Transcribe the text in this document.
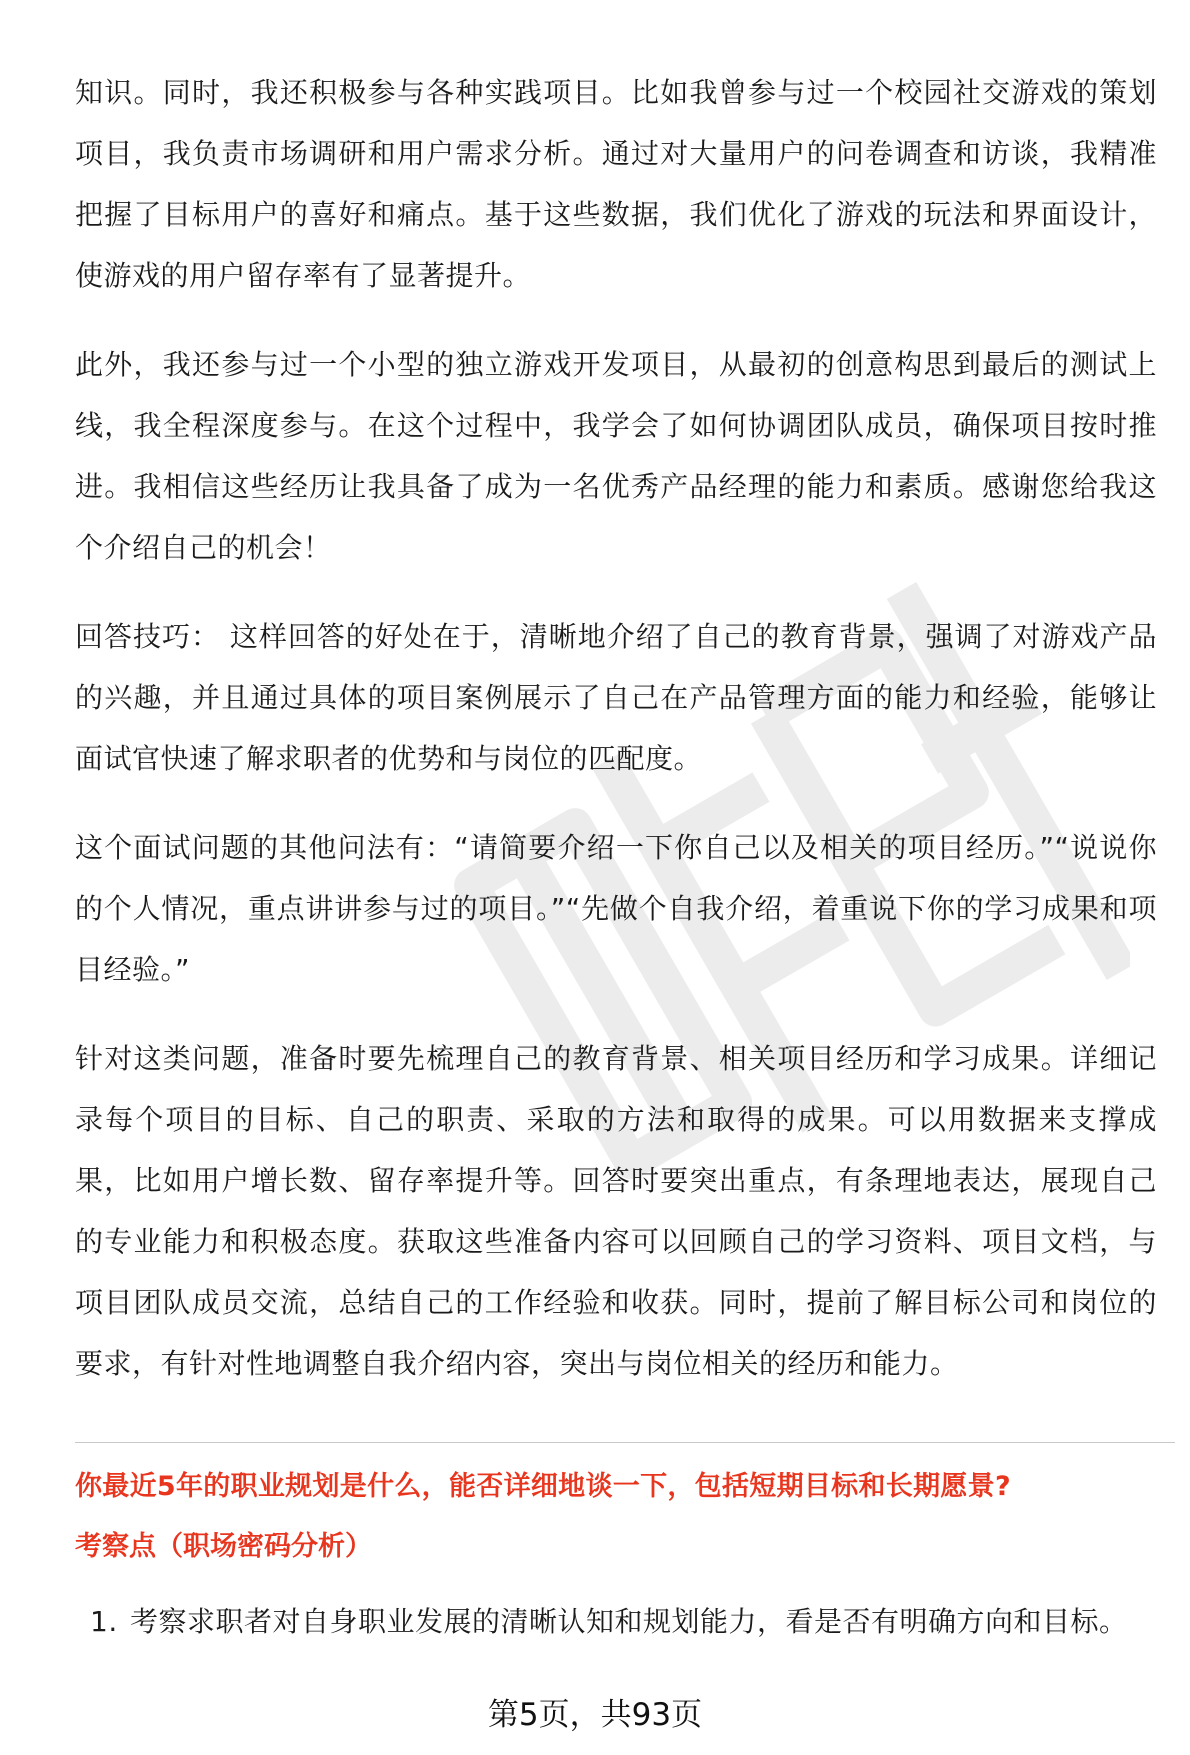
知识。同时，我还积极参与各种实践项目。比如我曾参与过一个校园社交游戏的策划项目，我负责市场调研和用户需求分析。通过对大量用户的问卷调查和访谈，我精准把握了目标用户的喜好和痛点。基于这些数据，我们优化了游戏的玩法和界面设计，使游戏的用户留存率有了显著提升。

此外，我还参与过一个小型的独立游戏开发项目，从最初的创意构思到最后的测试上线，我全程深度参与。在这个过程中，我学会了如何协调团队成员，确保项目按时推进。我相信这些经历让我具备了成为一名优秀产品经理的能力和素质。感谢您给我这个介绍自己的机会！

回答技巧： 这样回答的好处在于，清晰地介绍了自己的教育背景，强调了对游戏产品的兴趣，并且通过具体的项目案例展示了自己在产品管理方面的能力和经验，能够让面试官快速了解求职者的优势和与岗位的匹配度。

这个面试问题的其他问法有：“请简要介绍一下你自己以及相关的项目经历。”“说说你的个人情况，重点讲讲参与过的项目。”“先做个自我介绍，着重说下你的学习成果和项目经验。”

针对这类问题，准备时要先梳理自己的教育背景、相关项目经历和学习成果。详细记录每个项目的目标、自己的职责、采取的方法和取得的成果。可以用数据来支撑成果，比如用户增长数、留存率提升等。回答时要突出重点，有条理地表达，展现自己的专业能力和积极态度。获取这些准备内容可以回顾自己的学习资料、项目文档，与项目团队成员交流，总结自己的工作经验和收获。同时，提前了解目标公司和岗位的要求，有针对性地调整自我介绍内容，突出与岗位相关的经历和能力。

你最近5年的职业规划是什么，能否详细地谈一下，包括短期目标和长期愿景?
考察点（职场密码分析）
1. 考察求职者对自身职业发展的清晰认知和规划能力，看是否有明确方向和目标。
第5页，共93页
